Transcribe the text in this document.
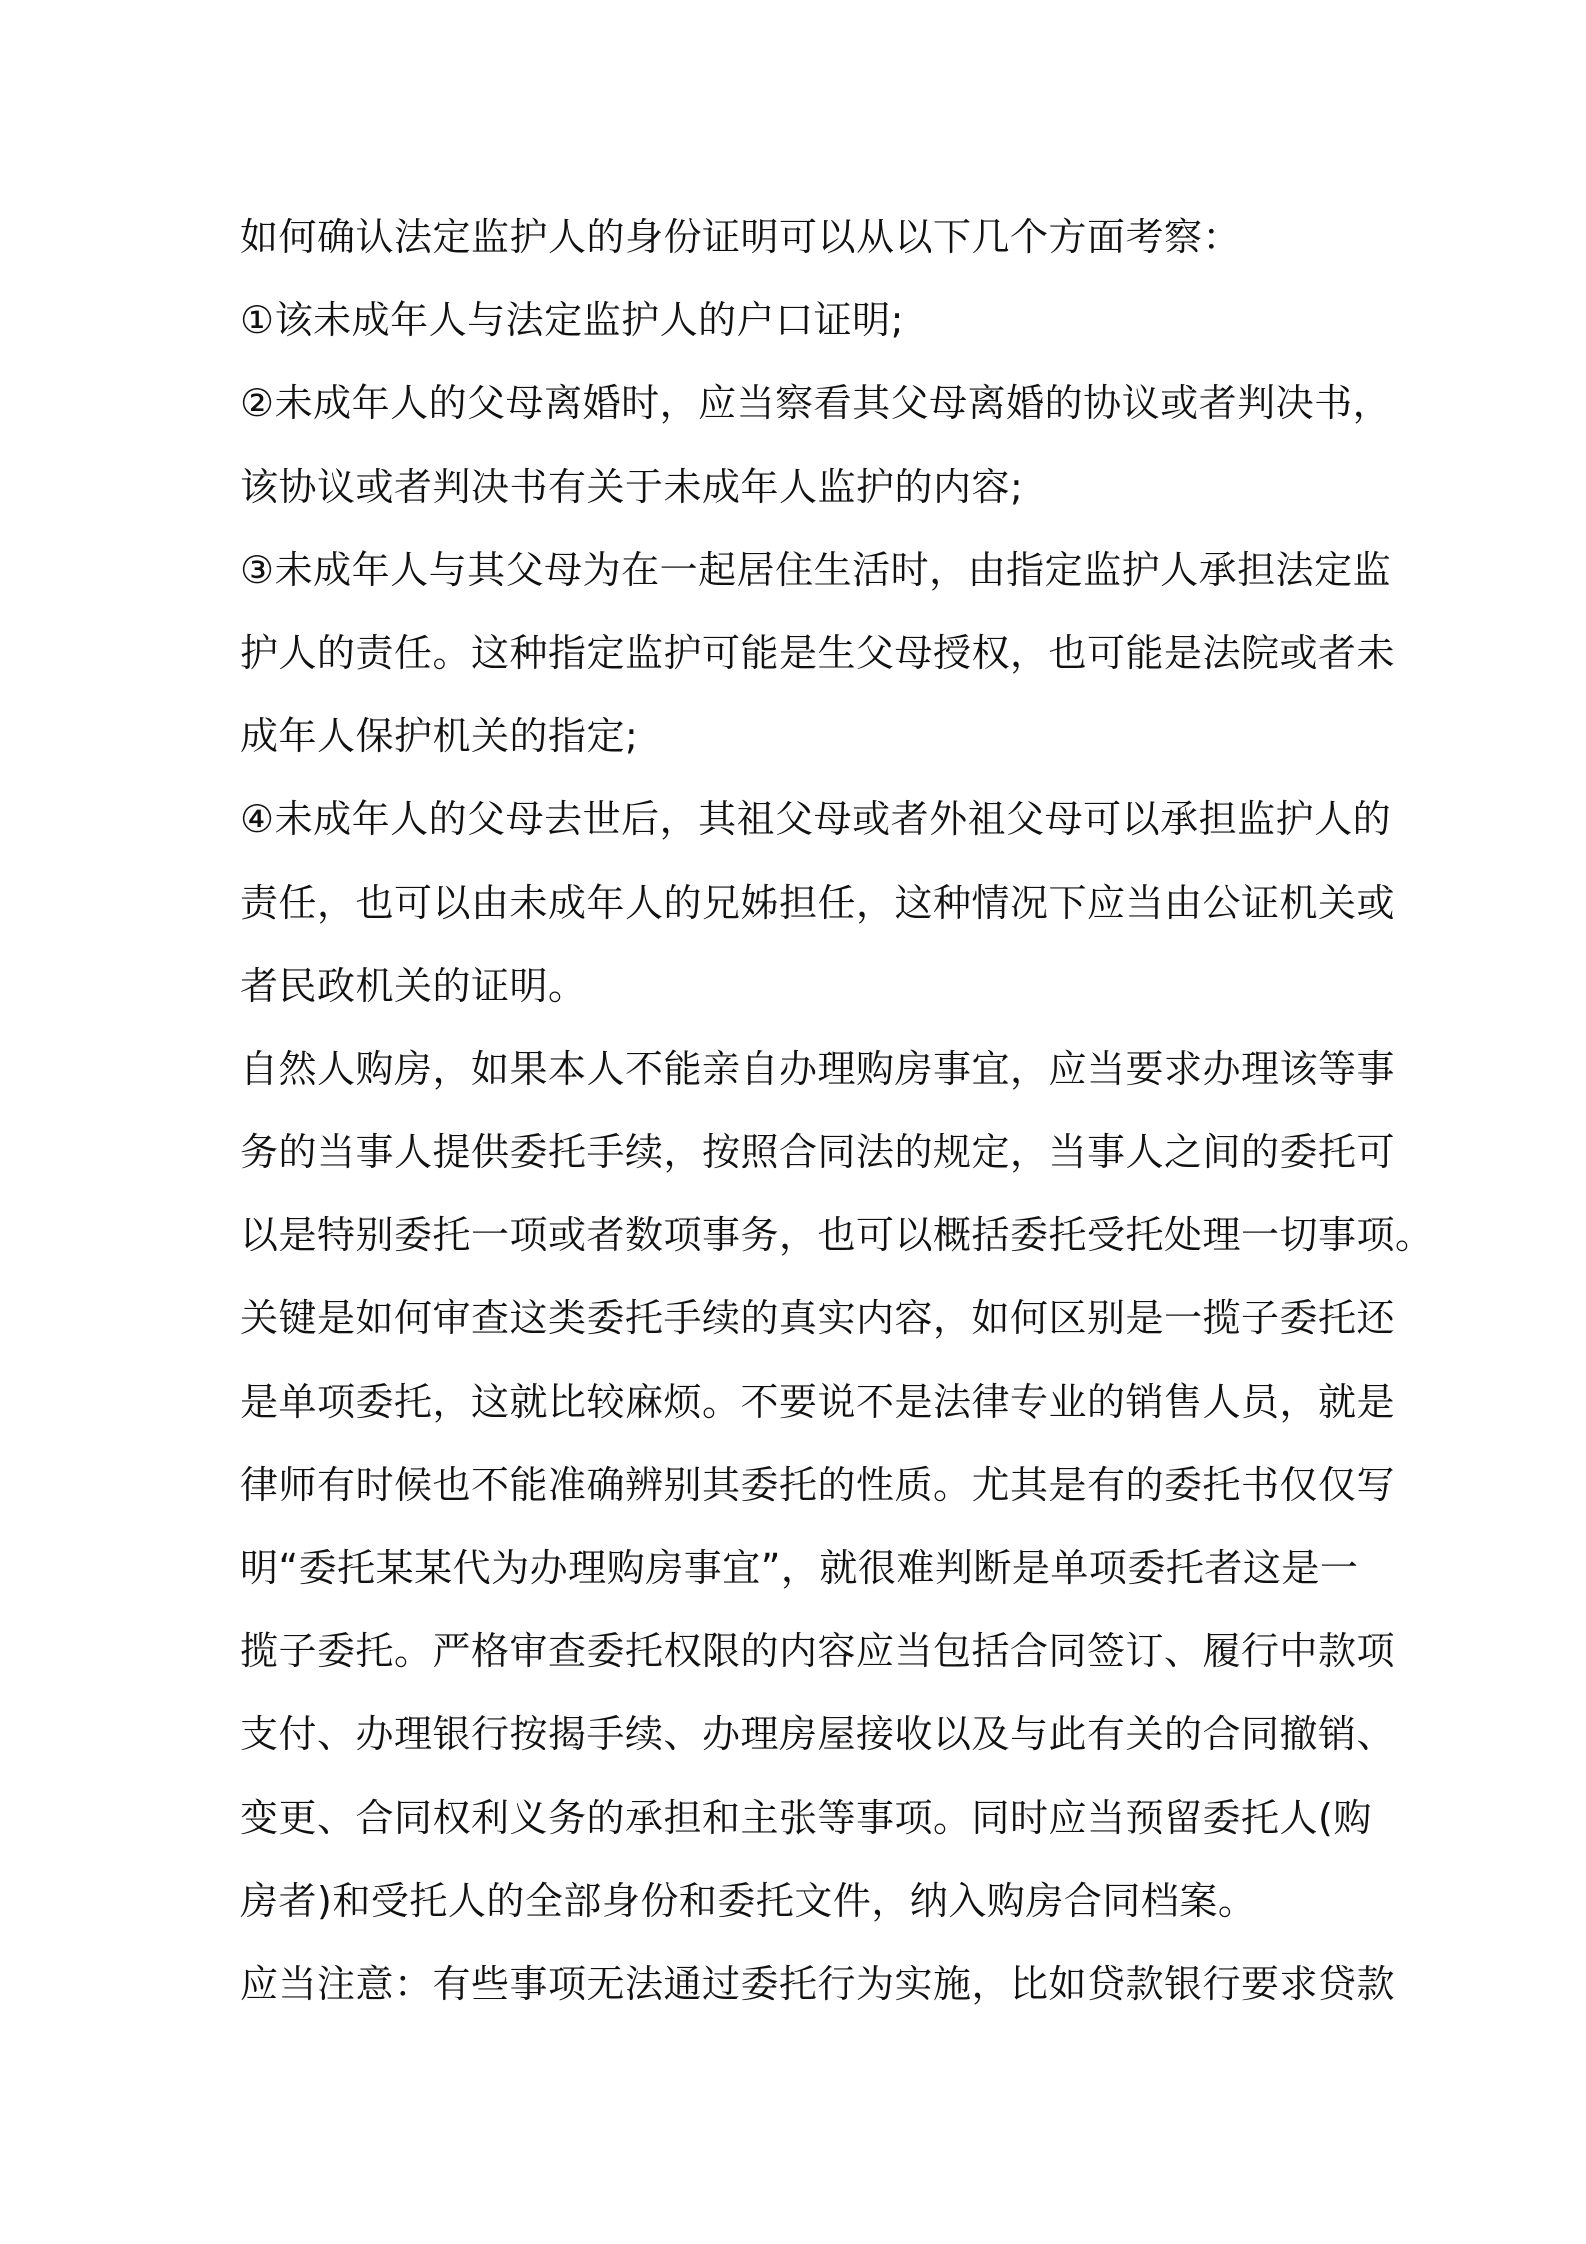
如何确认法定监护人的身份证明可以从以下几个方面考察：
①该未成年人与法定监护人的户口证明;
②未成年人的父母离婚时，应当察看其父母离婚的协议或者判决书，
该协议或者判决书有关于未成年人监护的内容;
③未成年人与其父母为在一起居住生活时，由指定监护人承担法定监
护人的责任。这种指定监护可能是生父母授权，也可能是法院或者未
成年人保护机关的指定;
④未成年人的父母去世后，其祖父母或者外祖父母可以承担监护人的
责任，也可以由未成年人的兄姊担任，这种情况下应当由公证机关或
者民政机关的证明。
自然人购房，如果本人不能亲自办理购房事宜，应当要求办理该等事
务的当事人提供委托手续，按照合同法的规定，当事人之间的委托可
以是特别委托一项或者数项事务，也可以概括委托受托处理一切事项。
关键是如何审查这类委托手续的真实内容，如何区别是一揽子委托还
是单项委托，这就比较麻烦。不要说不是法律专业的销售人员，就是
律师有时候也不能准确辨别其委托的性质。尤其是有的委托书仅仅写
明“委托某某代为办理购房事宜”，就很难判断是单项委托者这是一
揽子委托。严格审查委托权限的内容应当包括合同签订、履行中款项
支付、办理银行按揭手续、办理房屋接收以及与此有关的合同撤销、
变更、合同权利义务的承担和主张等事项。同时应当预留委托人(购
房者)和受托人的全部身份和委托文件，纳入购房合同档案。
应当注意：有些事项无法通过委托行为实施，比如贷款银行要求贷款
